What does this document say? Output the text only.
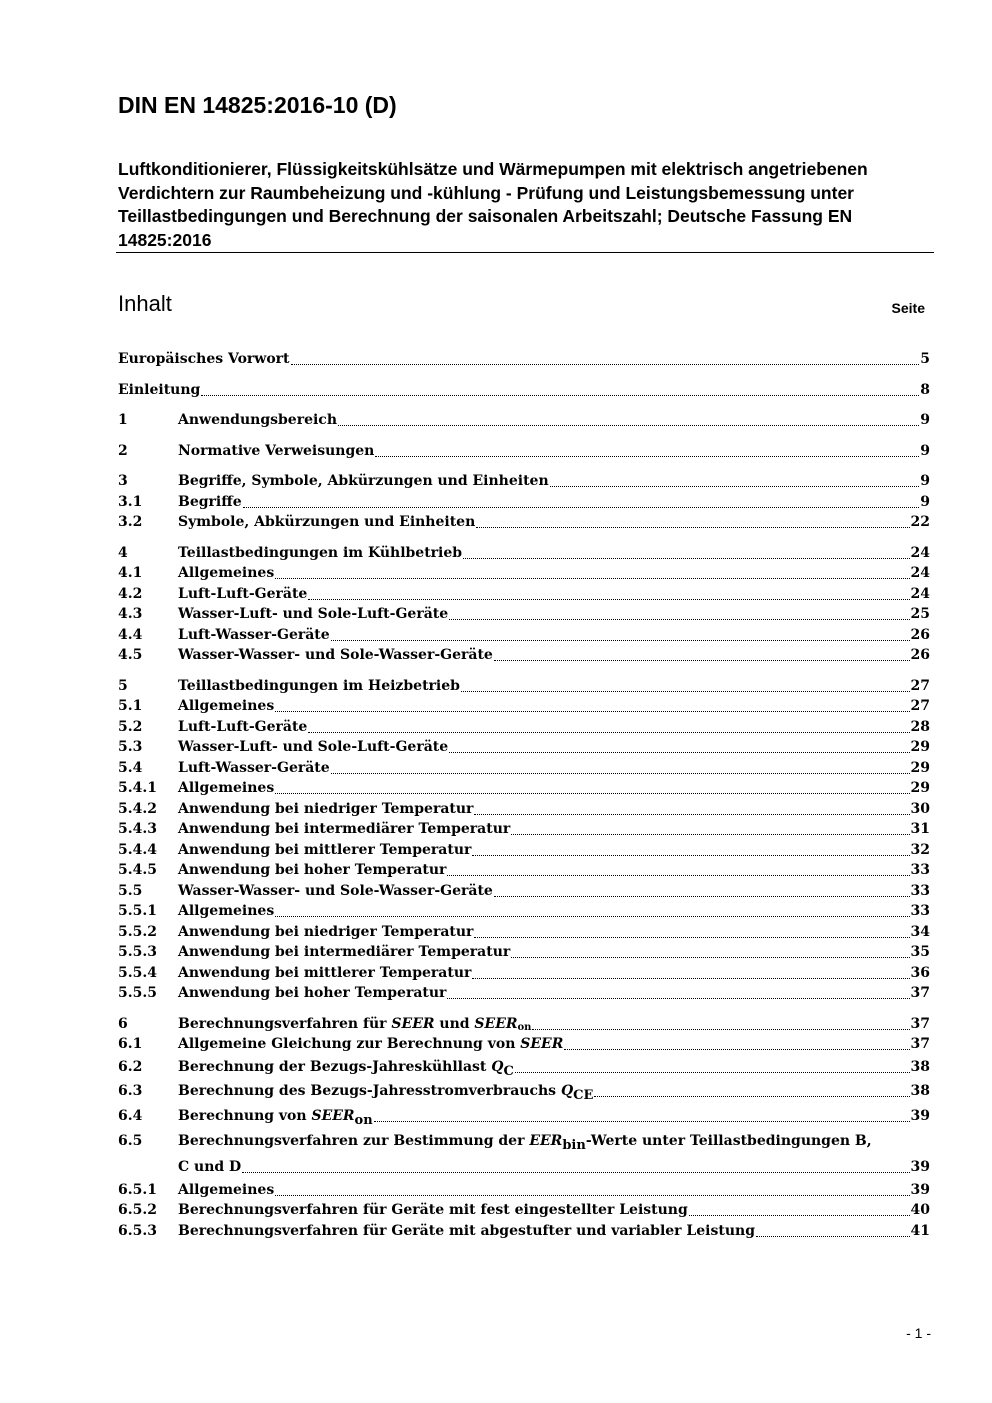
DIN EN 14825:2016-10 (D)

Luftkonditionierer, Flüssigkeitskühlsätze und Wärmepumpen mit elektrisch angetriebenen Verdichtern zur Raumbeheizung und -kühlung - Prüfung und Leistungsbemessung unter Teillastbedingungen und Berechnung der saisonalen Arbeitszahl; Deutsche Fassung EN 14825:2016

Inhalt	Seite
Europäisches Vorwort	5
Einleitung	8
1	Anwendungsbereich	9
2	Normative Verweisungen	9
3	Begriffe, Symbole, Abkürzungen und Einheiten	9
3.1	Begriffe	9
3.2	Symbole, Abkürzungen und Einheiten	22
4	Teillastbedingungen im Kühlbetrieb	24
4.1	Allgemeines	24
4.2	Luft-Luft-Geräte	24
4.3	Wasser-Luft- und Sole-Luft-Geräte	25
4.4	Luft-Wasser-Geräte	26
4.5	Wasser-Wasser- und Sole-Wasser-Geräte	26
5	Teillastbedingungen im Heizbetrieb	27
5.1	Allgemeines	27
5.2	Luft-Luft-Geräte	28
5.3	Wasser-Luft- und Sole-Luft-Geräte	29
5.4	Luft-Wasser-Geräte	29
5.4.1	Allgemeines	29
5.4.2	Anwendung bei niedriger Temperatur	30
5.4.3	Anwendung bei intermediärer Temperatur	31
5.4.4	Anwendung bei mittlerer Temperatur	32
5.4.5	Anwendung bei hoher Temperatur	33
5.5	Wasser-Wasser- und Sole-Wasser-Geräte	33
5.5.1	Allgemeines	33
5.5.2	Anwendung bei niedriger Temperatur	34
5.5.3	Anwendung bei intermediärer Temperatur	35
5.5.4	Anwendung bei mittlerer Temperatur	36
5.5.5	Anwendung bei hoher Temperatur	37
6	Berechnungsverfahren für SEER und SEERon	37
6.1	Allgemeine Gleichung zur Berechnung von SEER	37
6.2	Berechnung der Bezugs-Jahreskühllast QC	38
6.3	Berechnung des Bezugs-Jahresstromverbrauchs QCE	38
6.4	Berechnung von SEERon	39
6.5	Berechnungsverfahren zur Bestimmung der EERbin-Werte unter Teillastbedingungen B,
C und D	39
6.5.1	Allgemeines	39
6.5.2	Berechnungsverfahren für Geräte mit fest eingestellter Leistung	40
6.5.3	Berechnungsverfahren für Geräte mit abgestufter und variabler Leistung	41
- 1 -
